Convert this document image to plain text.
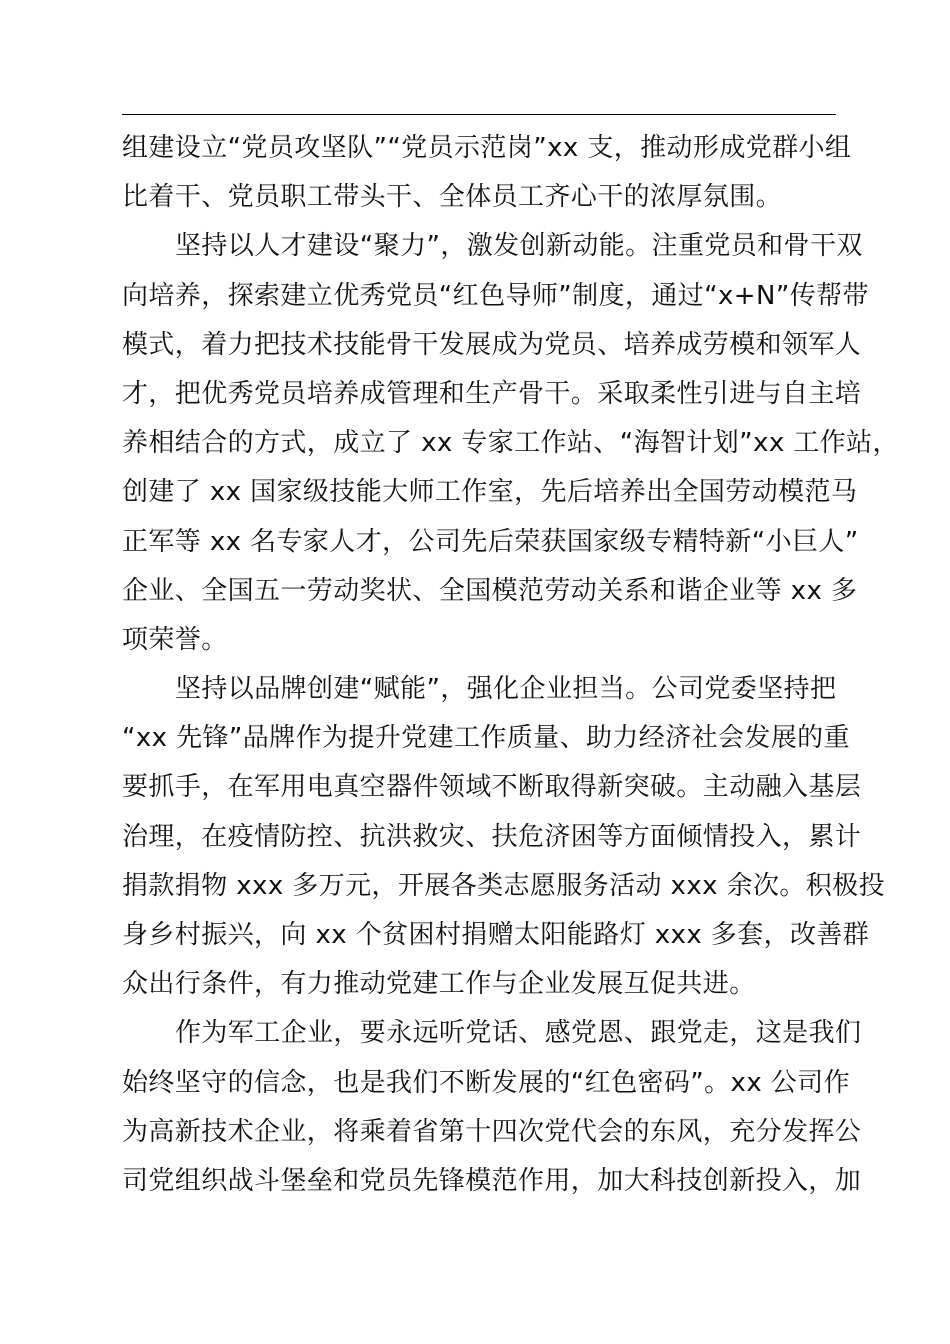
组建设立“党员攻坚队”“党员示范岗”xx 支，推动形成党群小组
比着干、党员职工带头干、全体员工齐心干的浓厚氛围。
坚持以人才建设“聚力”，激发创新动能。注重党员和骨干双
向培养，探索建立优秀党员“红色导师”制度，通过“x+N”传帮带
模式，着力把技术技能骨干发展成为党员、培养成劳模和领军人
才，把优秀党员培养成管理和生产骨干。采取柔性引进与自主培
养相结合的方式，成立了 xx 专家工作站、“海智计划”xx 工作站，
创建了 xx 国家级技能大师工作室，先后培养出全国劳动模范马
正军等 xx 名专家人才，公司先后荣获国家级专精特新“小巨人”
企业、全国五一劳动奖状、全国模范劳动关系和谐企业等 xx 多
项荣誉。
坚持以品牌创建“赋能”，强化企业担当。公司党委坚持把
“xx 先锋”品牌作为提升党建工作质量、助力经济社会发展的重
要抓手，在军用电真空器件领域不断取得新突破。主动融入基层
治理，在疫情防控、抗洪救灾、扶危济困等方面倾情投入，累计
捐款捐物 xxx 多万元，开展各类志愿服务活动 xxx 余次。积极投
身乡村振兴，向 xx 个贫困村捐赠太阳能路灯 xxx 多套，改善群
众出行条件，有力推动党建工作与企业发展互促共进。
作为军工企业，要永远听党话、感党恩、跟党走，这是我们
始终坚守的信念，也是我们不断发展的“红色密码”。xx 公司作
为高新技术企业，将乘着省第十四次党代会的东风，充分发挥公
司党组织战斗堡垒和党员先锋模范作用，加大科技创新投入，加
